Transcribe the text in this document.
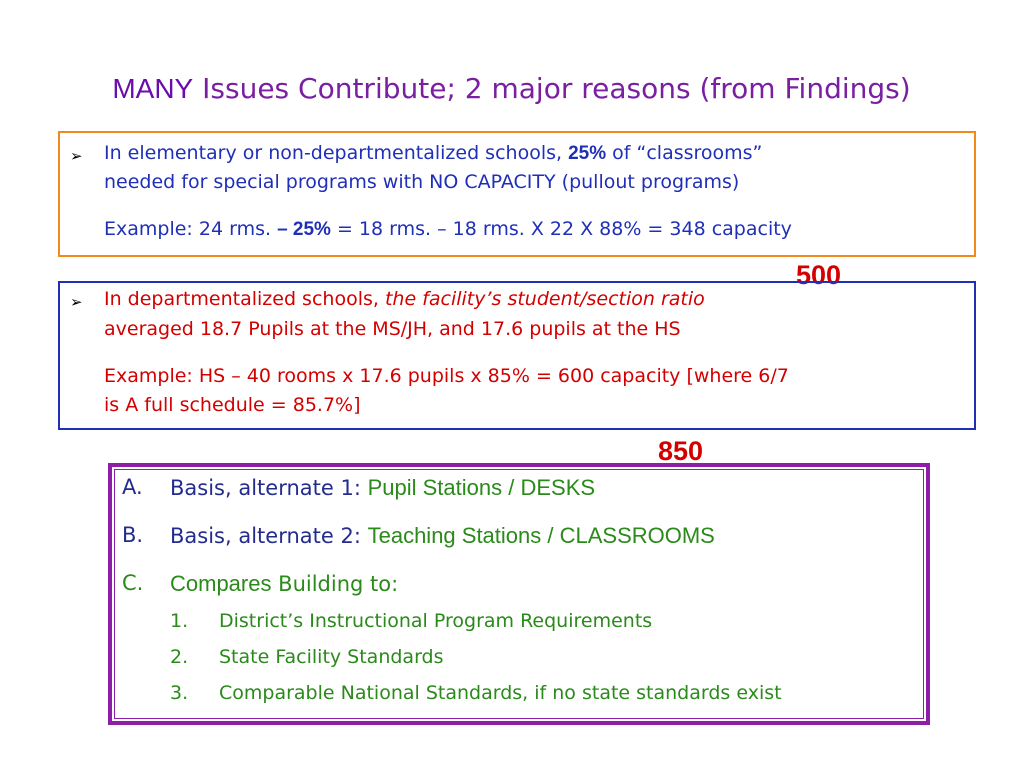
MANY Issues Contribute; 2 major reasons (from Findings)
➢ In elementary or non-departmentalized schools, 25% of “classrooms”
needed for special programs with NO CAPACITY (pullout programs)
Example: 24 rms. – 25% = 18 rms. – 18 rms. X 22 X 88% = 348 capacity
500
➢ In departmentalized schools, the facility’s student/section ratio
averaged 18.7 Pupils at the MS/JH, and 17.6 pupils at the HS
Example: HS – 40 rooms x 17.6 pupils x 85% = 600 capacity [where 6/7
is A full schedule = 85.7%]
850
A. Basis, alternate 1: Pupil Stations / DESKS
B. Basis, alternate 2: Teaching Stations / CLASSROOMS
C. Compares Building to:
1. District’s Instructional Program Requirements
2. State Facility Standards
3. Comparable National Standards, if no state standards exist
